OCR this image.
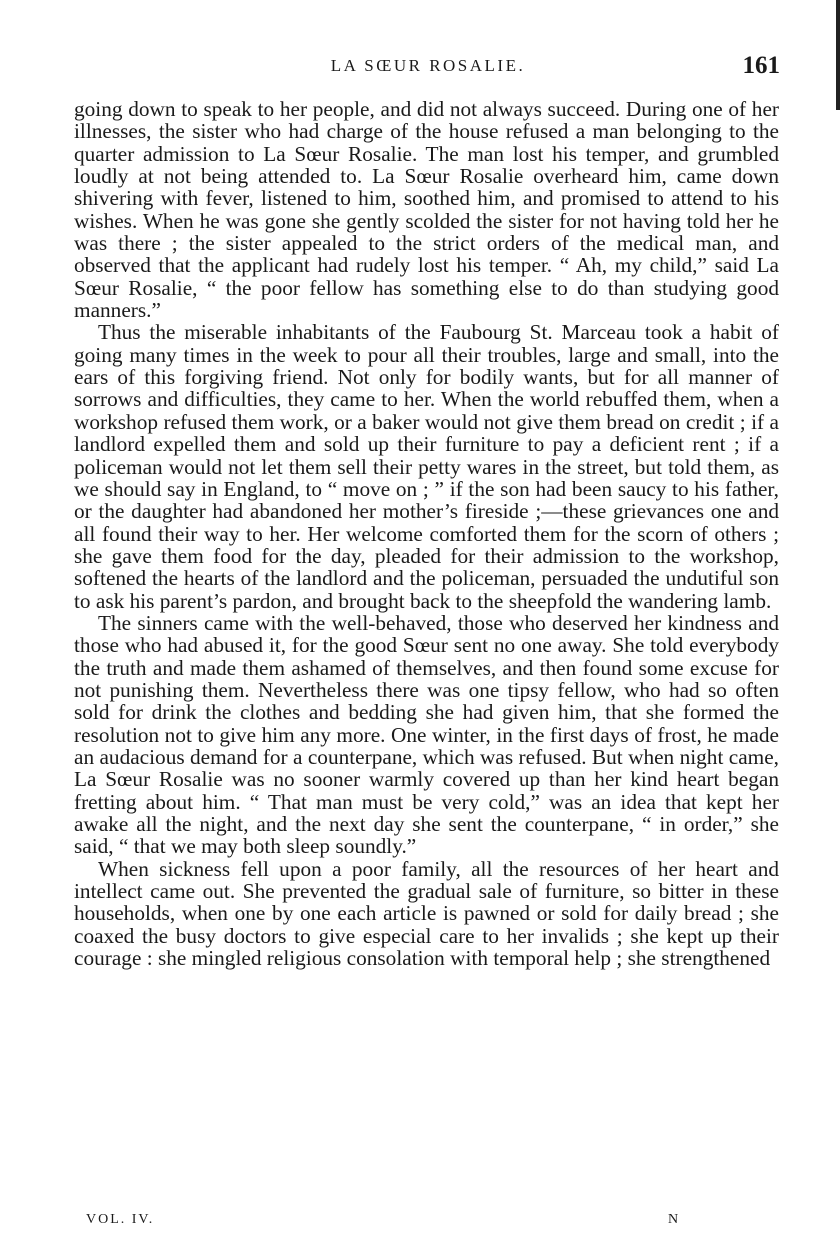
LA SŒUR ROSALIE.	161

going down to speak to her people, and did not always succeed. During one of her illnesses, the sister who had charge of the house refused a man belonging to the quarter admission to La Sœur Rosalie. The man lost his temper, and grumbled loudly at not being attended to. La Sœur Rosalie overheard him, came down shivering with fever, listened to him, soothed him, and promised to attend to his wishes. When he was gone she gently scolded the sister for not having told her he was there ; the sister appealed to the strict orders of the medical man, and observed that the applicant had rudely lost his temper. “ Ah, my child,” said La Sœur Rosalie, “ the poor fellow has something else to do than studying good manners.”

Thus the miserable inhabitants of the Faubourg St. Marceau took a habit of going many times in the week to pour all their troubles, large and small, into the ears of this forgiving friend. Not only for bodily wants, but for all manner of sorrows and difficulties, they came to her. When the world rebuffed them, when a workshop refused them work, or a baker would not give them bread on credit ; if a landlord expelled them and sold up their furniture to pay a deficient rent ; if a policeman would not let them sell their petty wares in the street, but told them, as we should say in England, to “ move on ; ” if the son had been saucy to his father, or the daughter had abandoned her mother’s fireside ;—these grievances one and all found their way to her. Her welcome comforted them for the scorn of others ; she gave them food for the day, pleaded for their admission to the workshop, softened the hearts of the landlord and the policeman, persuaded the undutiful son to ask his parent’s pardon, and brought back to the sheepfold the wandering lamb.

The sinners came with the well-behaved, those who deserved her kindness and those who had abused it, for the good Sœur sent no one away. She told everybody the truth and made them ashamed of themselves, and then found some excuse for not punishing them. Nevertheless there was one tipsy fellow, who had so often sold for drink the clothes and bedding she had given him, that she formed the resolution not to give him any more. One winter, in the first days of frost, he made an audacious demand for a counterpane, which was refused. But when night came, La Sœur Rosalie was no sooner warmly covered up than her kind heart began fretting about him. “ That man must be very cold,” was an idea that kept her awake all the night, and the next day she sent the counterpane, “ in order,” she said, “ that we may both sleep soundly.”

When sickness fell upon a poor family, all the resources of her heart and intellect came out. She prevented the gradual sale of furniture, so bitter in these households, when one by one each article is pawned or sold for daily bread ; she coaxed the busy doctors to give especial care to her invalids ; she kept up their courage : she mingled religious consolation with temporal help ; she strengthened

VOL. IV.	N
